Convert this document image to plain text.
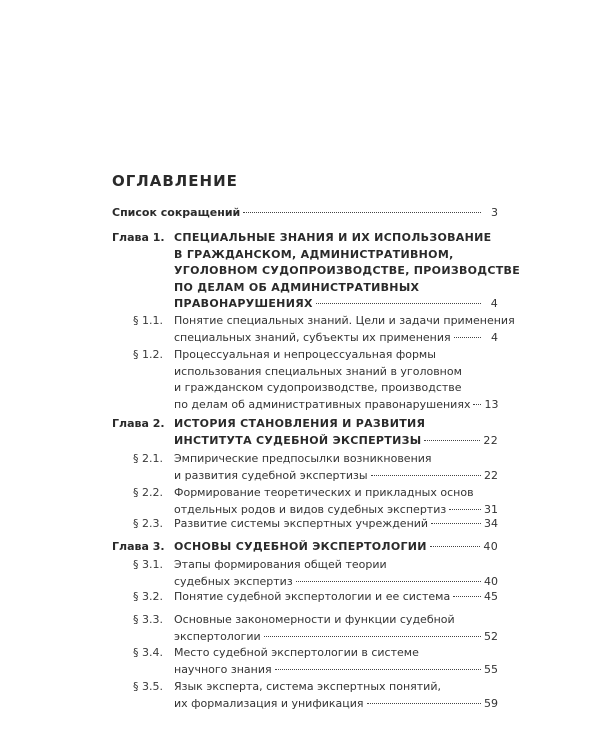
ОГЛАВЛЕНИЕ
Список сокращений	3
Глава 1. СПЕЦИАЛЬНЫЕ ЗНАНИЯ И ИХ ИСПОЛЬЗОВАНИЕ
В ГРАЖДАНСКОМ, АДМИНИСТРАТИВНОМ,
УГОЛОВНОМ СУДОПРОИЗВОДСТВЕ, ПРОИЗВОДСТВЕ
ПО ДЕЛАМ ОБ АДМИНИСТРАТИВНЫХ
ПРАВОНАРУШЕНИЯХ	4
§ 1.1. Понятие специальных знаний. Цели и задачи применения
специальных знаний, субъекты их применения	4
§ 1.2. Процессуальная и непроцессуальная формы
использования специальных знаний в уголовном
и гражданском судопроизводстве, производстве
по делам об административных правонарушениях 13
Глава 2. ИСТОРИЯ СТАНОВЛЕНИЯ И РАЗВИТИЯ
ИНСТИТУТА СУДЕБНОЙ ЭКСПЕРТИЗЫ	22
§ 2.1. Эмпирические предпосылки возникновения
и развития судебной экспертизы	22
§ 2.2. Формирование теоретических и прикладных основ
отдельных родов и видов судебных экспертиз	31
§ 2.3. Развитие системы экспертных учреждений	34
Глава 3. ОСНОВЫ СУДЕБНОЙ ЭКСПЕРТОЛОГИИ	40
§ 3.1. Этапы формирования общей теории
судебных экспертиз	40
§ 3.2. Понятие судебной экспертологии и ее система	45
§ 3.3. Основные закономерности и функции судебной
экспертологии	52
§ 3.4. Место судебной экспертологии в системе
научного знания	55
§ 3.5. Язык эксперта, система экспертных понятий,
их формализация и унификация	59
